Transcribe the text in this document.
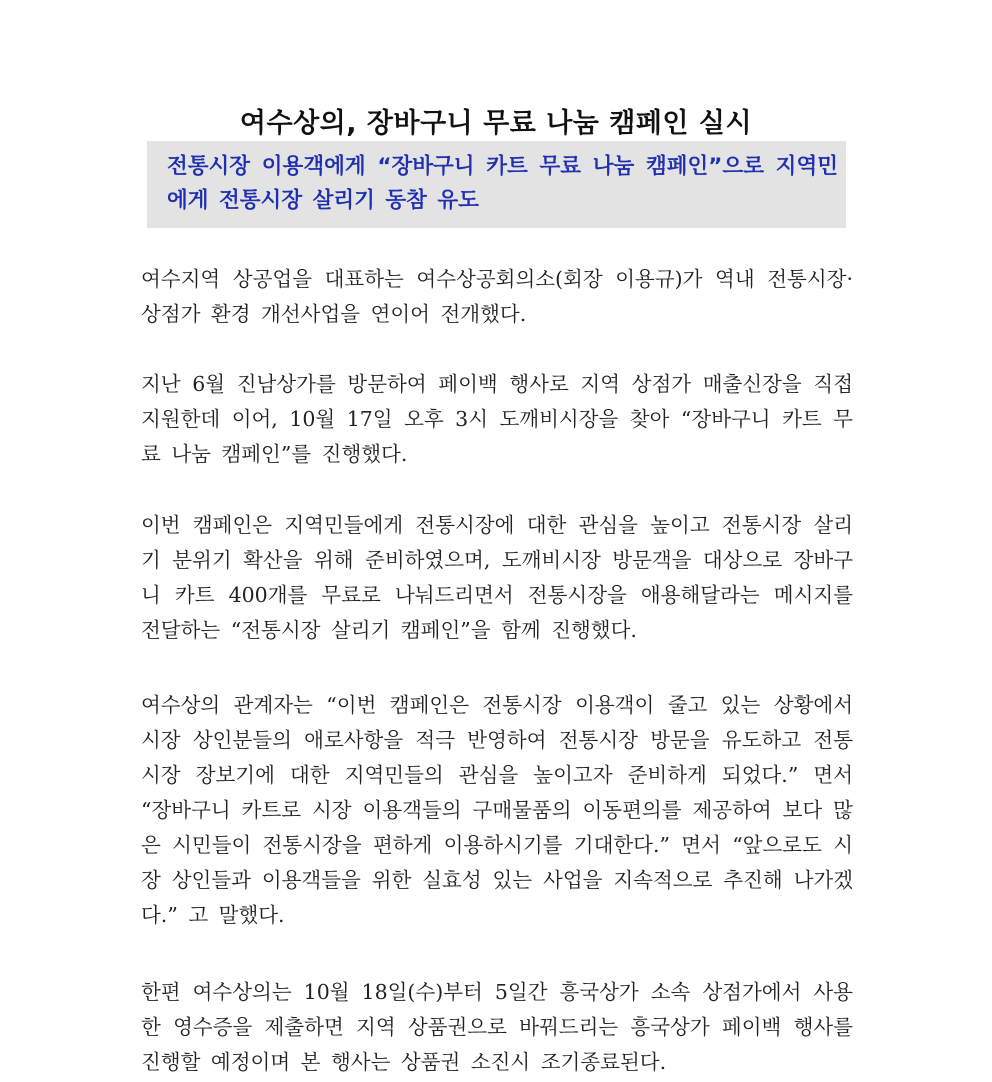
여수상의, 장바구니 무료 나눔 캠페인 실시

전통시장 이용객에게 “장바구니 카트 무료 나눔 캠페인”으로 지역민에게 전통시장 살리기 동참 유도

여수지역 상공업을 대표하는 여수상공회의소(회장 이용규)가 역내 전통시장·상점가 환경 개선사업을 연이어 전개했다.

지난 6월 진남상가를 방문하여 페이백 행사로 지역 상점가 매출신장을 직접 지원한데 이어, 10월 17일 오후 3시 도깨비시장을 찾아 “장바구니 카트 무료 나눔 캠페인”를 진행했다.

이번 캠페인은 지역민들에게 전통시장에 대한 관심을 높이고 전통시장 살리기 분위기 확산을 위해 준비하였으며, 도깨비시장 방문객을 대상으로 장바구니 카트 400개를 무료로 나눠드리면서 전통시장을 애용해달라는 메시지를 전달하는 “전통시장 살리기 캠페인”을 함께 진행했다.

여수상의 관계자는 “이번 캠페인은 전통시장 이용객이 줄고 있는 상황에서 시장 상인분들의 애로사항을 적극 반영하여 전통시장 방문을 유도하고 전통시장 장보기에 대한 지역민들의 관심을 높이고자 준비하게 되었다.” 면서 “장바구니 카트로 시장 이용객들의 구매물품의 이동편의를 제공하여 보다 많은 시민들이 전통시장을 편하게 이용하시기를 기대한다.” 면서 “앞으로도 시장 상인들과 이용객들을 위한 실효성 있는 사업을 지속적으로 추진해 나가겠다.” 고 말했다.

한편 여수상의는 10월 18일(수)부터 5일간 흥국상가 소속 상점가에서 사용한 영수증을 제출하면 지역 상품권으로 바꿔드리는 흥국상가 페이백 행사를 진행할 예정이며 본 행사는 상품권 소진시 조기종료된다.
